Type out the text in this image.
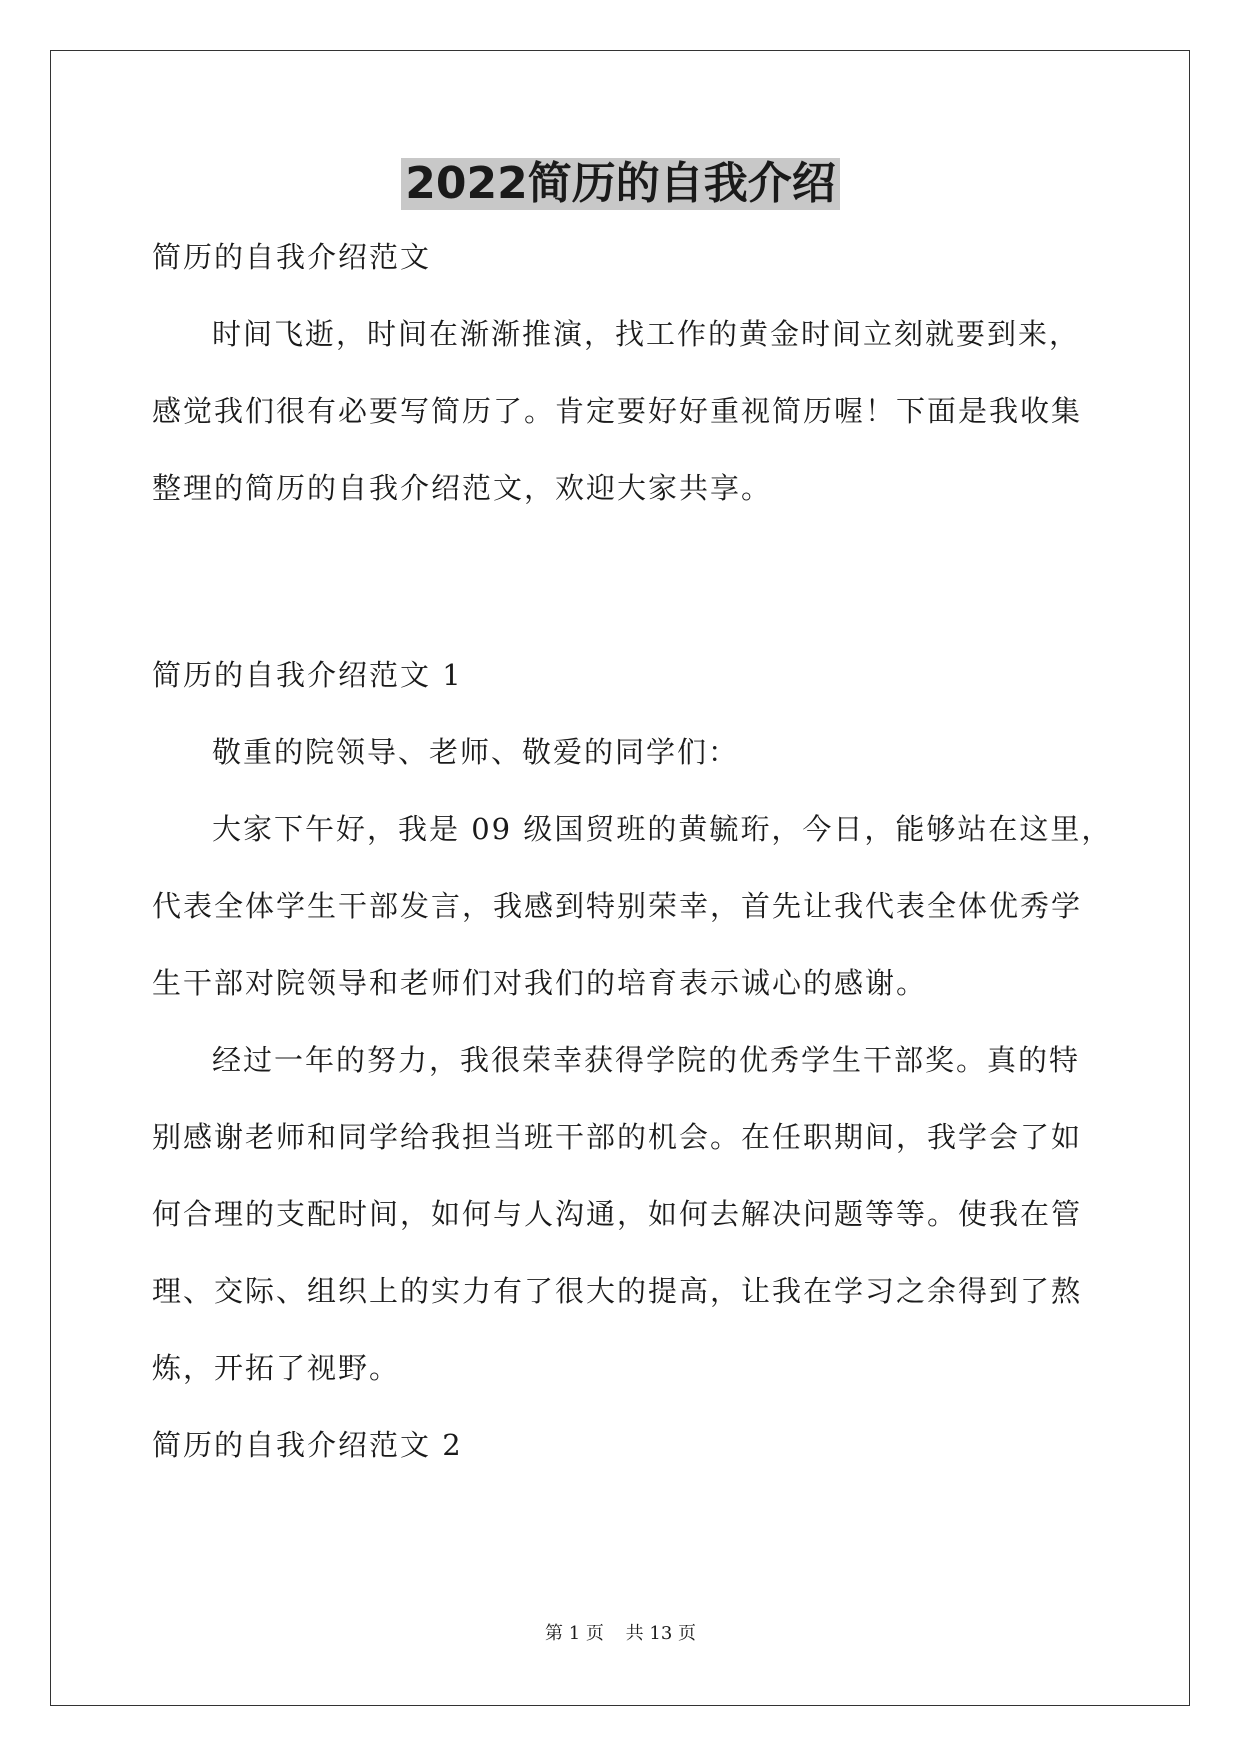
2022简历的自我介绍
简历的自我介绍范文
时间飞逝，时间在渐渐推演，找工作的黄金时间立刻就要到来，
感觉我们很有必要写简历了。肯定要好好重视简历喔！下面是我收集
整理的简历的自我介绍范文，欢迎大家共享。
简历的自我介绍范文 1
敬重的院领导、老师、敬爱的同学们：
大家下午好，我是 09 级国贸班的黄毓珩，今日，能够站在这里，
代表全体学生干部发言，我感到特别荣幸，首先让我代表全体优秀学
生干部对院领导和老师们对我们的培育表示诚心的感谢。
经过一年的努力，我很荣幸获得学院的优秀学生干部奖。真的特
别感谢老师和同学给我担当班干部的机会。在任职期间，我学会了如
何合理的支配时间，如何与人沟通，如何去解决问题等等。使我在管
理、交际、组织上的实力有了很大的提高，让我在学习之余得到了熬
炼，开拓了视野。
简历的自我介绍范文 2
第 1 页 共 13 页
